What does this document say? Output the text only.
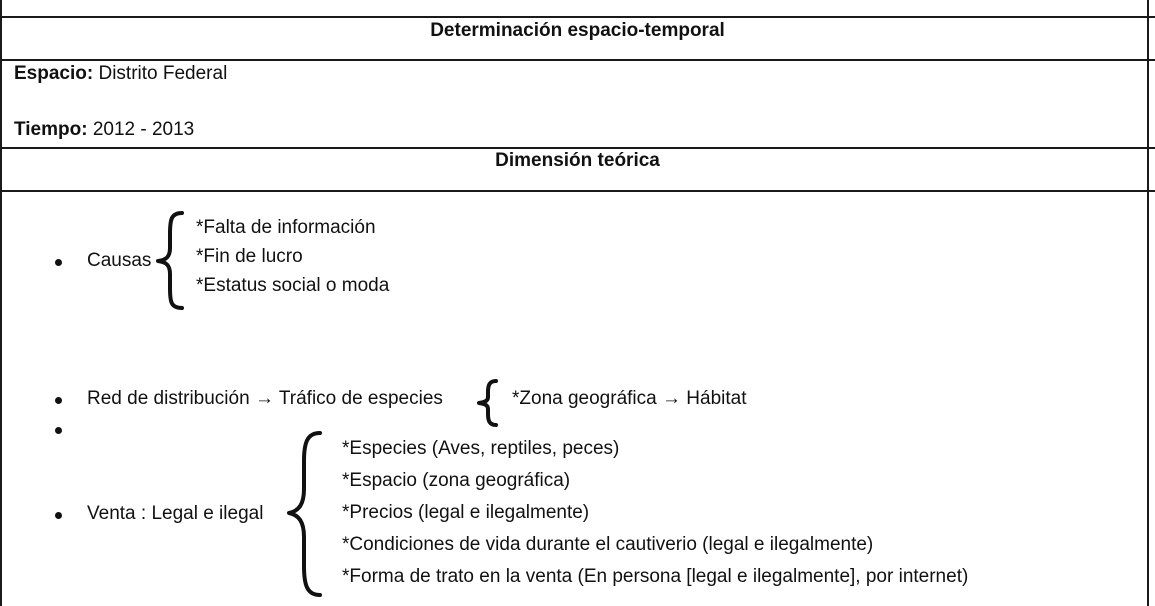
Determinación espacio-temporal
Espacio: Distrito Federal
Tiempo: 2012 - 2013
Dimensión teórica
Causas
*Falta de información
*Fin de lucro
*Estatus social o moda
Red de distribución → Tráfico de especies	*Zona geográfica → Hábitat
Venta : Legal e ilegal
*Especies (Aves, reptiles, peces)
*Espacio (zona geográfica)
*Precios (legal e ilegalmente)
*Condiciones de vida durante el cautiverio (legal e ilegalmente)
*Forma de trato en la venta (En persona [legal e ilegalmente], por internet)
